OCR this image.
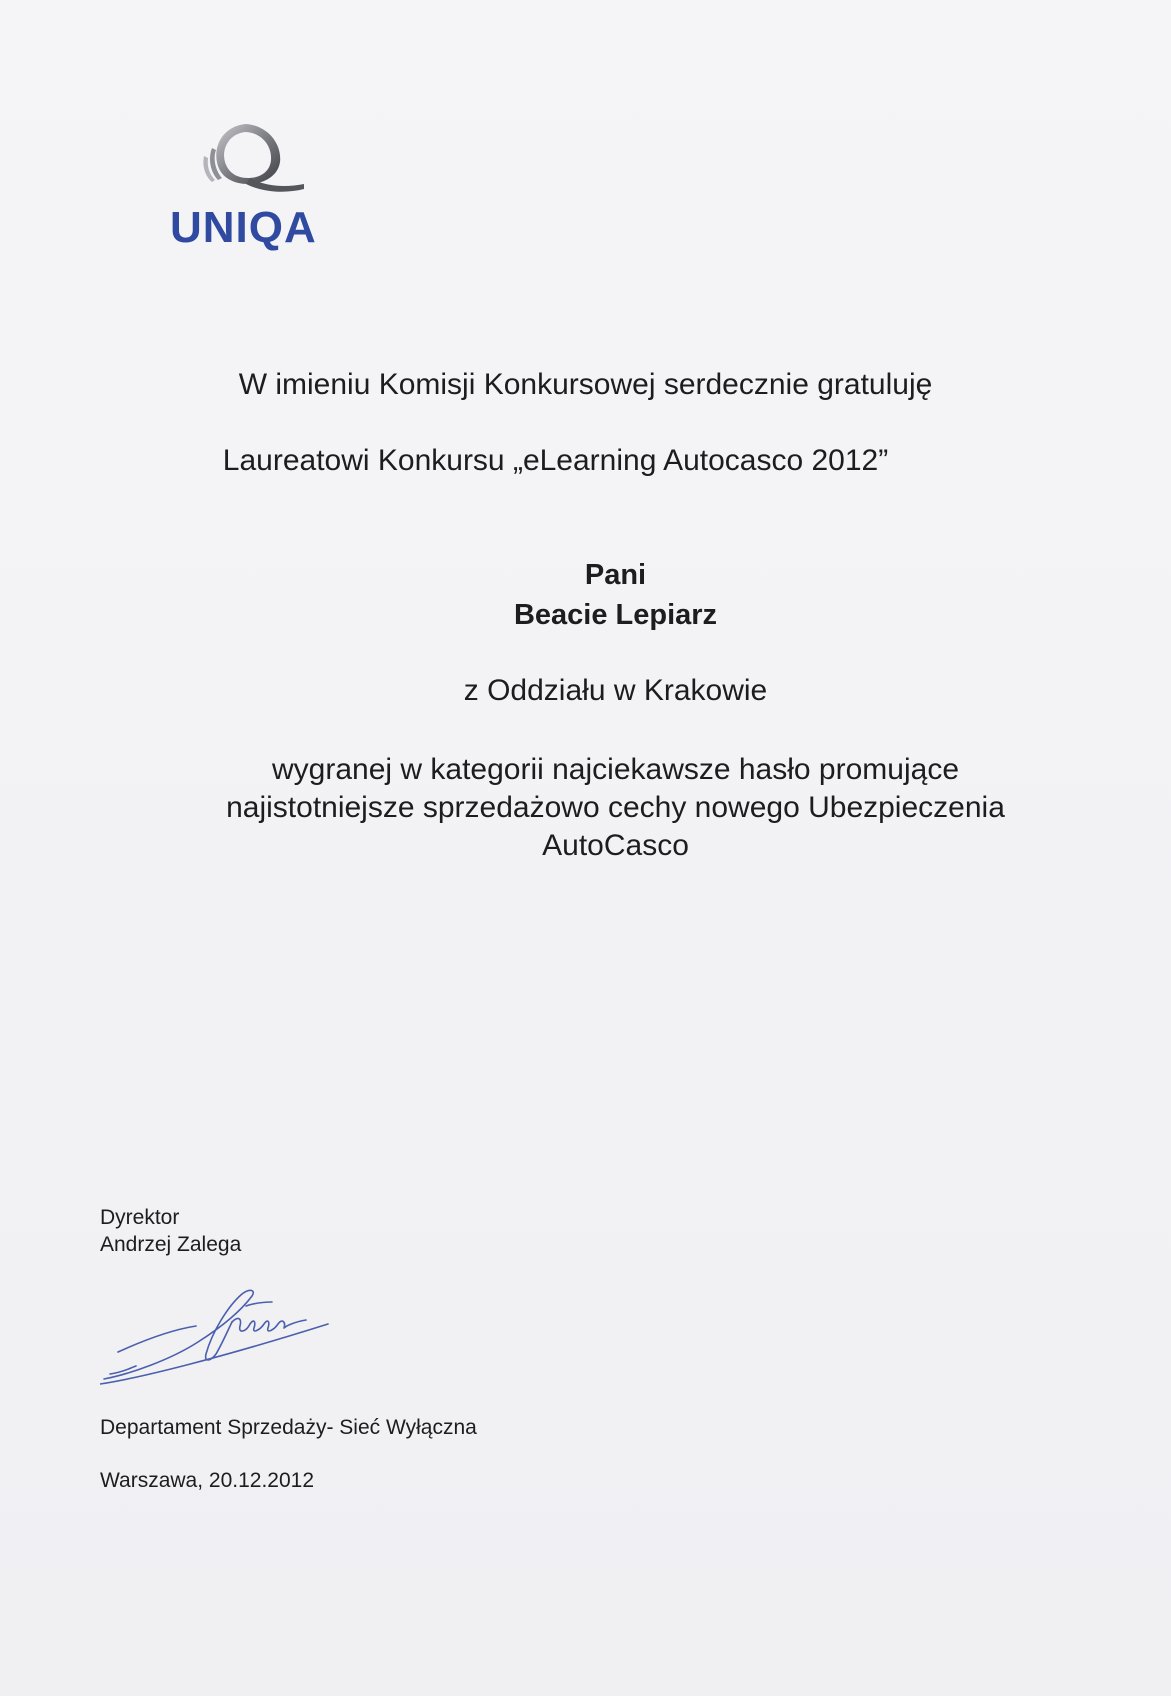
UNIQA
W imieniu Komisji Konkursowej serdecznie gratuluję
Laureatowi Konkursu „eLearning Autocasco 2012”
Pani
Beacie Lepiarz
z Oddziału w Krakowie
wygranej w kategorii najciekawsze hasło promujące
najistotniejsze sprzedażowo cechy nowego Ubezpieczenia
AutoCasco
Dyrektor
Andrzej Zalega
Departament Sprzedaży- Sieć Wyłączna
Warszawa, 20.12.2012
